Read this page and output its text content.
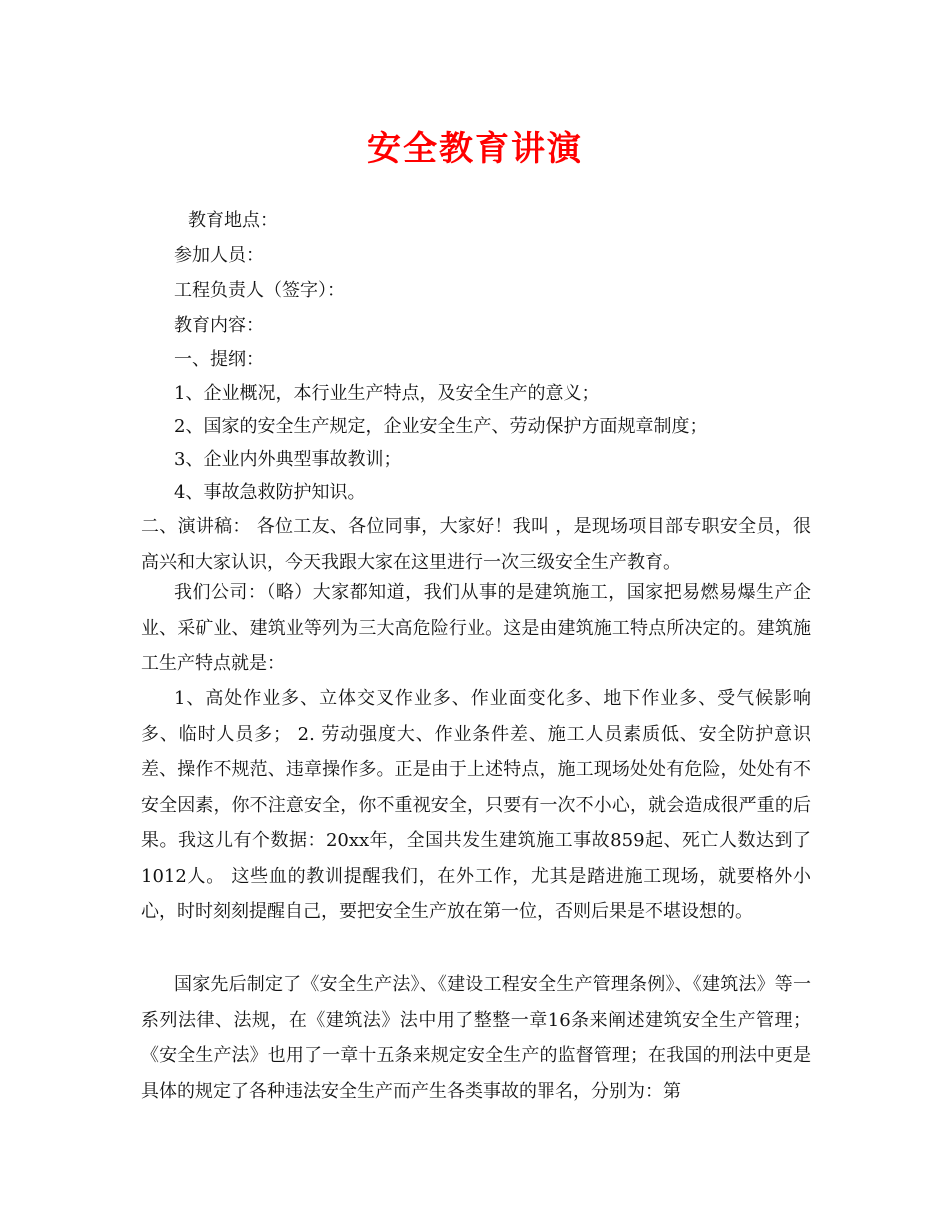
安全教育讲演
教育地点：
参加人员：
工程负责人（签字）：
教育内容：
一、提纲：
1、企业概况，本行业生产特点，及安全生产的意义；
2、国家的安全生产规定，企业安全生产、劳动保护方面规章制度；
3、企业内外典型事故教训；
4、事故急救防护知识。

二、演讲稿： 各位工友、各位同事，大家好！我叫 ，是现场项目部专职安全员，很高兴和大家认识，今天我跟大家在这里进行一次三级安全生产教育。

我们公司：（略）大家都知道，我们从事的是建筑施工，国家把易燃易爆生产企业、采矿业、建筑业等列为三大高危险行业。这是由建筑施工特点所决定的。建筑施工生产特点就是：

1、高处作业多、立体交叉作业多、作业面变化多、地下作业多、受气候影响多、临时人员多； 2. 劳动强度大、作业条件差、施工人员素质低、安全防护意识差、操作不规范、违章操作多。正是由于上述特点，施工现场处处有危险，处处有不安全因素，你不注意安全，你不重视安全，只要有一次不小心，就会造成很严重的后果。我这儿有个数据：20xx年，全国共发生建筑施工事故859起、死亡人数达到了1012人。 这些血的教训提醒我们，在外工作，尤其是踏进施工现场，就要格外小心，时时刻刻提醒自己，要把安全生产放在第一位，否则后果是不堪设想的。

国家先后制定了《安全生产法》、《建设工程安全生产管理条例》、《建筑法》等一系列法律、法规，在《建筑法》法中用了整整一章16条来阐述建筑安全生产管理；《安全生产法》也用了一章十五条来规定安全生产的监督管理；在我国的刑法中更是具体的规定了各种违法安全生产而产生各类事故的罪名，分别为：第
